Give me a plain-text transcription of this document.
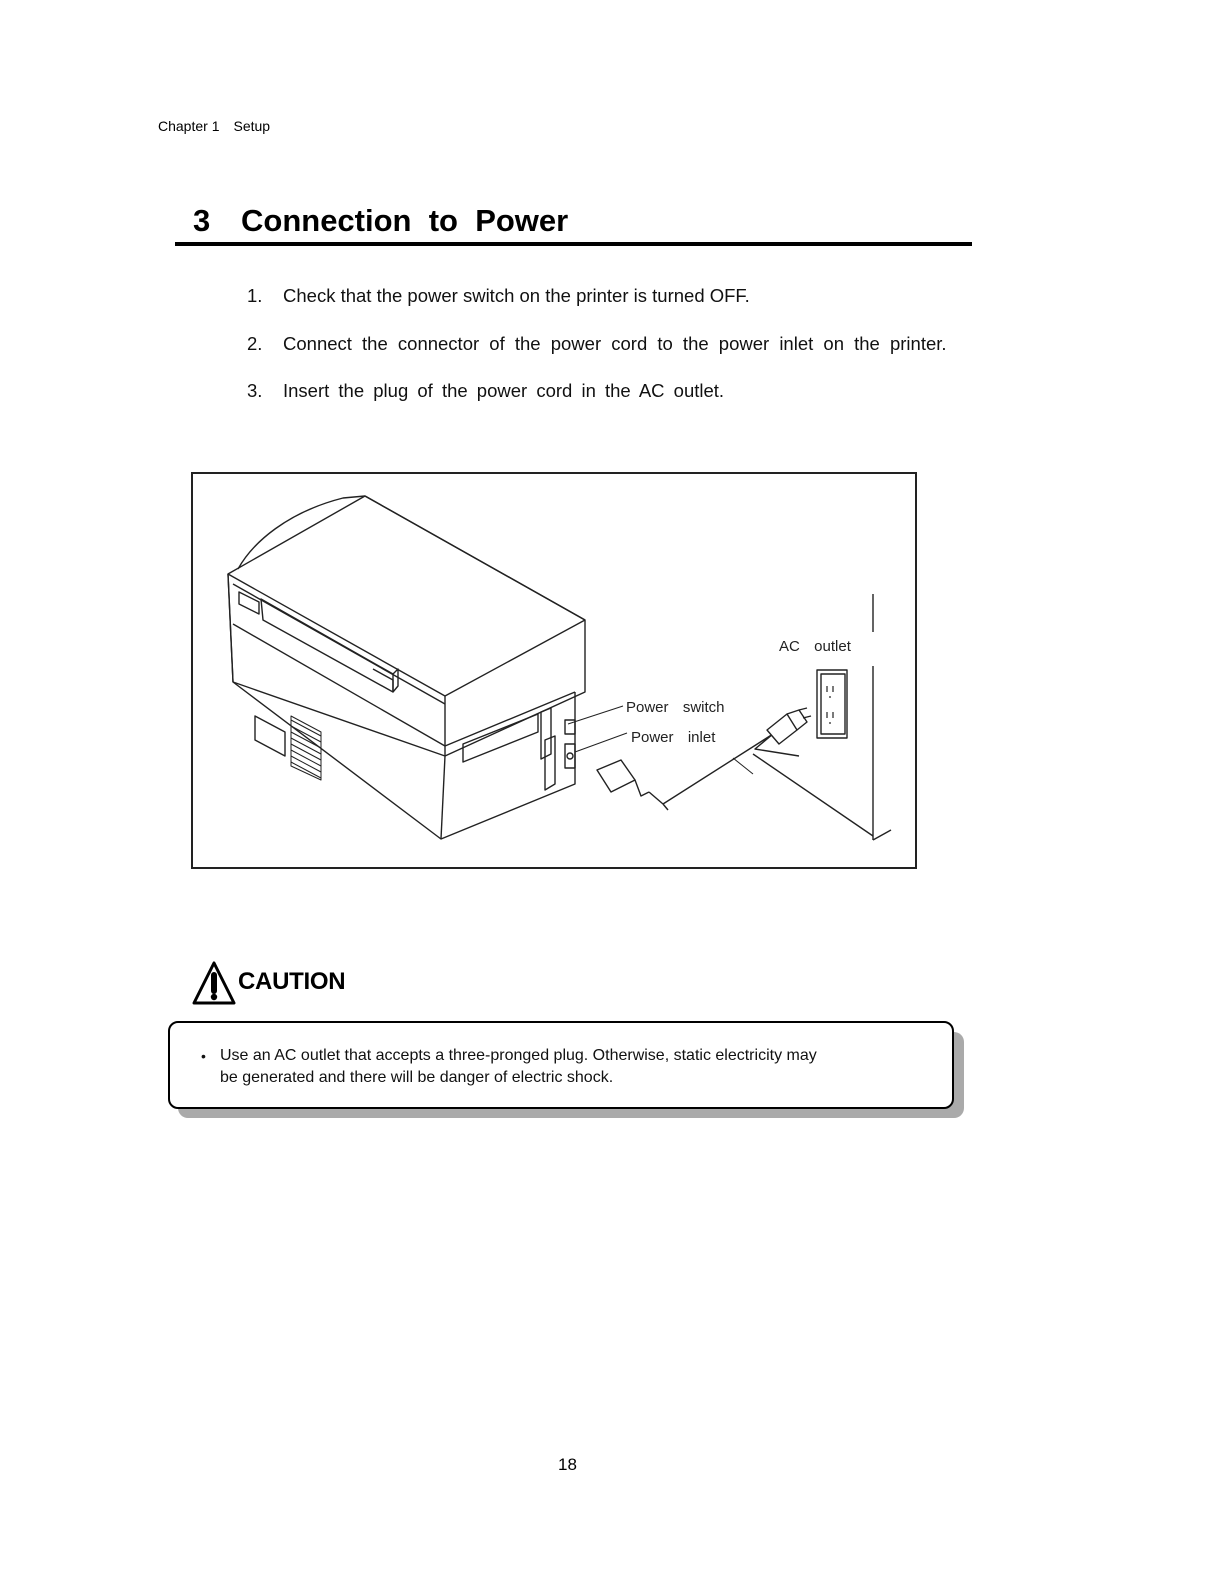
Chapter 1 Setup
3 Connection  to  Power
1. Check that the power switch on the printer is turned OFF.
2. Connect the connector of the power cord to the power inlet on the printer.
3. Insert the plug of the power cord in the AC outlet.
AC  outlet
Power  switch
Power  inlet
CAUTION
• Use an AC outlet that accepts a three-pronged plug. Otherwise, static electricity may
be generated and there will be danger of electric shock.
18
